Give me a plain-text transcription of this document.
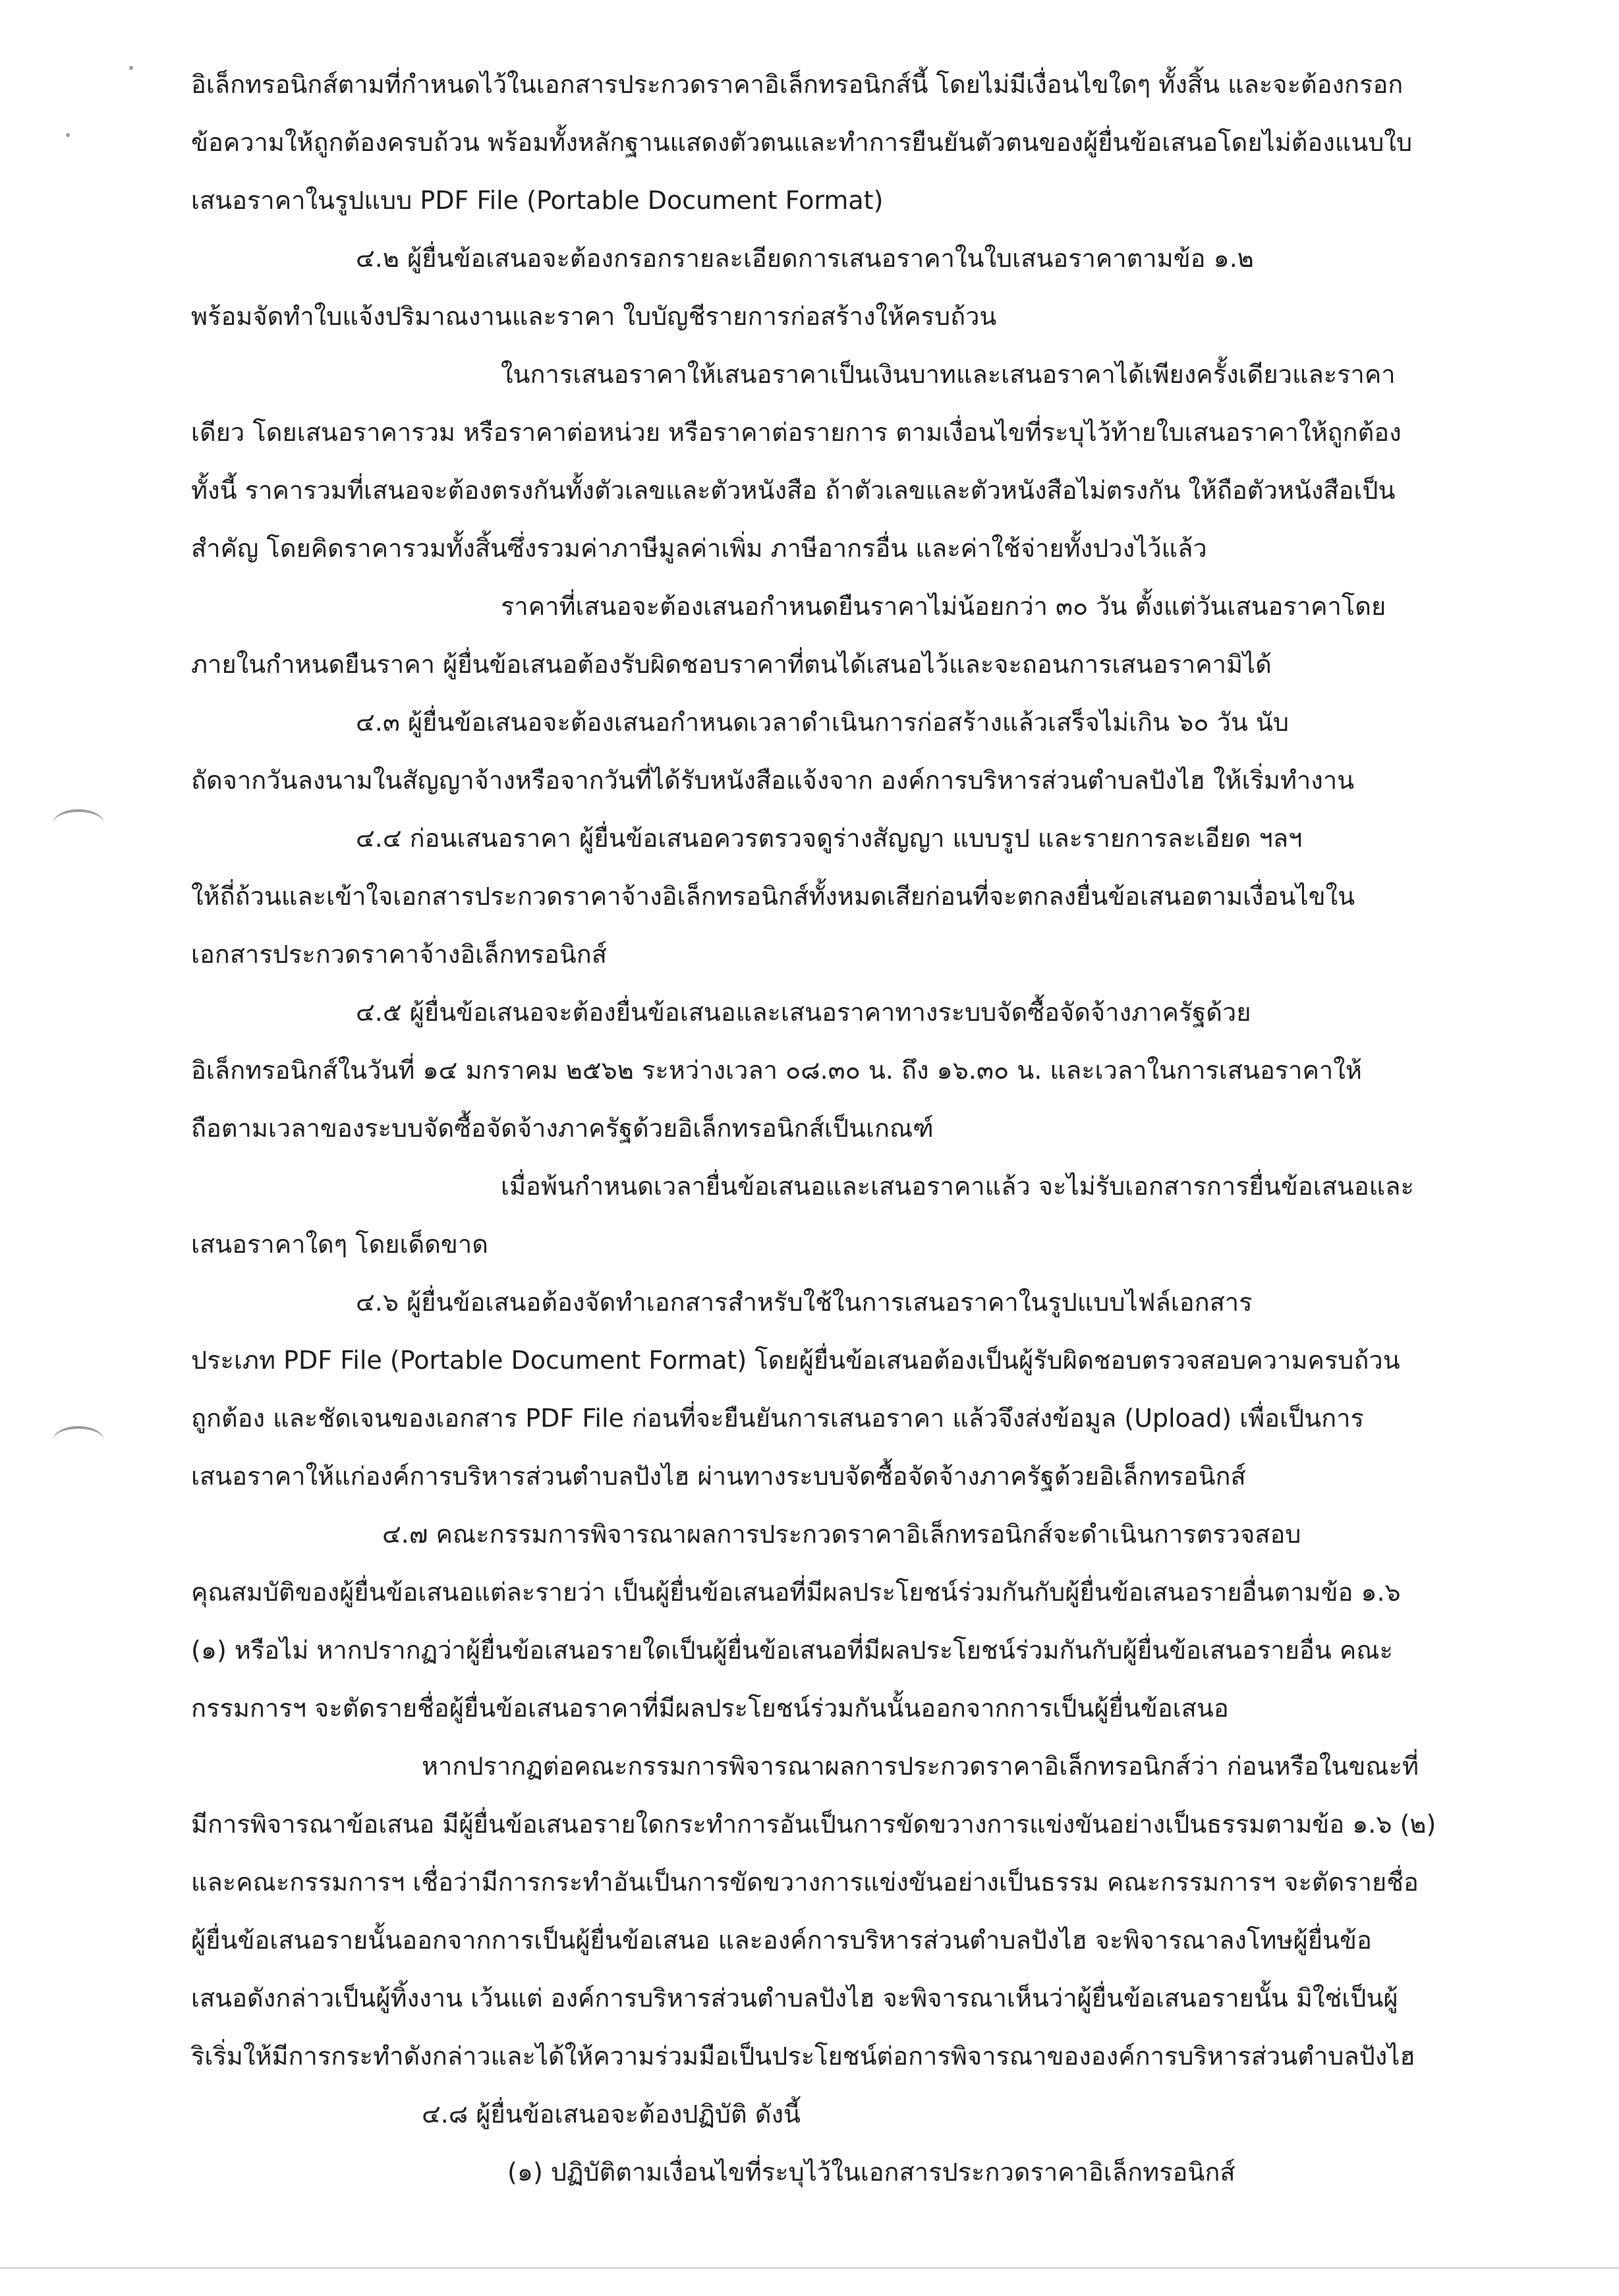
อิเล็กทรอนิกส์ตามที่กำหนดไว้ในเอกสารประกวดราคาอิเล็กทรอนิกส์นี้ โดยไม่มีเงื่อนไขใดๆ ทั้งสิ้น และจะต้องกรอก
ข้อความให้ถูกต้องครบถ้วน พร้อมทั้งหลักฐานแสดงตัวตนและทำการยืนยันตัวตนของผู้ยื่นข้อเสนอโดยไม่ต้องแนบใบ
เสนอราคาในรูปแบบ PDF File (Portable Document Format)
๔.๒ ผู้ยื่นข้อเสนอจะต้องกรอกรายละเอียดการเสนอราคาในใบเสนอราคาตามข้อ ๑.๒
พร้อมจัดทำใบแจ้งปริมาณงานและราคา ใบบัญชีรายการก่อสร้างให้ครบถ้วน
ในการเสนอราคาให้เสนอราคาเป็นเงินบาทและเสนอราคาได้เพียงครั้งเดียวและราคา
เดียว โดยเสนอราคารวม หรือราคาต่อหน่วย หรือราคาต่อรายการ ตามเงื่อนไขที่ระบุไว้ท้ายใบเสนอราคาให้ถูกต้อง
ทั้งนี้ ราคารวมที่เสนอจะต้องตรงกันทั้งตัวเลขและตัวหนังสือ ถ้าตัวเลขและตัวหนังสือไม่ตรงกัน ให้ถือตัวหนังสือเป็น
สำคัญ โดยคิดราคารวมทั้งสิ้นซึ่งรวมค่าภาษีมูลค่าเพิ่ม ภาษีอากรอื่น และค่าใช้จ่ายทั้งปวงไว้แล้ว
ราคาที่เสนอจะต้องเสนอกำหนดยืนราคาไม่น้อยกว่า ๓๐ วัน ตั้งแต่วันเสนอราคาโดย
ภายในกำหนดยืนราคา ผู้ยื่นข้อเสนอต้องรับผิดชอบราคาที่ตนได้เสนอไว้และจะถอนการเสนอราคามิได้
๔.๓ ผู้ยื่นข้อเสนอจะต้องเสนอกำหนดเวลาดำเนินการก่อสร้างแล้วเสร็จไม่เกิน ๖๐ วัน นับ
ถัดจากวันลงนามในสัญญาจ้างหรือจากวันที่ได้รับหนังสือแจ้งจาก องค์การบริหารส่วนตำบลปังไฮ ให้เริ่มทำงาน
๔.๔ ก่อนเสนอราคา ผู้ยื่นข้อเสนอควรตรวจดูร่างสัญญา แบบรูป และรายการละเอียด ฯลฯ
ให้ถี่ถ้วนและเข้าใจเอกสารประกวดราคาจ้างอิเล็กทรอนิกส์ทั้งหมดเสียก่อนที่จะตกลงยื่นข้อเสนอตามเงื่อนไขใน
เอกสารประกวดราคาจ้างอิเล็กทรอนิกส์
๔.๕ ผู้ยื่นข้อเสนอจะต้องยื่นข้อเสนอและเสนอราคาทางระบบจัดซื้อจัดจ้างภาครัฐด้วย
อิเล็กทรอนิกส์ในวันที่ ๑๔ มกราคม ๒๕๖๒ ระหว่างเวลา ๐๘.๓๐ น. ถึง ๑๖.๓๐ น. และเวลาในการเสนอราคาให้
ถือตามเวลาของระบบจัดซื้อจัดจ้างภาครัฐด้วยอิเล็กทรอนิกส์เป็นเกณฑ์
เมื่อพ้นกำหนดเวลายื่นข้อเสนอและเสนอราคาแล้ว จะไม่รับเอกสารการยื่นข้อเสนอและ
เสนอราคาใดๆ โดยเด็ดขาด
๔.๖ ผู้ยื่นข้อเสนอต้องจัดทำเอกสารสำหรับใช้ในการเสนอราคาในรูปแบบไฟล์เอกสาร
ประเภท PDF File (Portable Document Format) โดยผู้ยื่นข้อเสนอต้องเป็นผู้รับผิดชอบตรวจสอบความครบถ้วน
ถูกต้อง และชัดเจนของเอกสาร PDF File ก่อนที่จะยืนยันการเสนอราคา แล้วจึงส่งข้อมูล (Upload) เพื่อเป็นการ
เสนอราคาให้แก่องค์การบริหารส่วนตำบลปังไฮ ผ่านทางระบบจัดซื้อจัดจ้างภาครัฐด้วยอิเล็กทรอนิกส์
๔.๗ คณะกรรมการพิจารณาผลการประกวดราคาอิเล็กทรอนิกส์จะดำเนินการตรวจสอบ
คุณสมบัติของผู้ยื่นข้อเสนอแต่ละรายว่า เป็นผู้ยื่นข้อเสนอที่มีผลประโยชน์ร่วมกันกับผู้ยื่นข้อเสนอรายอื่นตามข้อ ๑.๖
(๑) หรือไม่ หากปรากฏว่าผู้ยื่นข้อเสนอรายใดเป็นผู้ยื่นข้อเสนอที่มีผลประโยชน์ร่วมกันกับผู้ยื่นข้อเสนอรายอื่น คณะ
กรรมการฯ จะตัดรายชื่อผู้ยื่นข้อเสนอราคาที่มีผลประโยชน์ร่วมกันนั้นออกจากการเป็นผู้ยื่นข้อเสนอ
หากปรากฏต่อคณะกรรมการพิจารณาผลการประกวดราคาอิเล็กทรอนิกส์ว่า ก่อนหรือในขณะที่
มีการพิจารณาข้อเสนอ มีผู้ยื่นข้อเสนอรายใดกระทำการอันเป็นการขัดขวางการแข่งขันอย่างเป็นธรรมตามข้อ ๑.๖ (๒)
และคณะกรรมการฯ เชื่อว่ามีการกระทำอันเป็นการขัดขวางการแข่งขันอย่างเป็นธรรม คณะกรรมการฯ จะตัดรายชื่อ
ผู้ยื่นข้อเสนอรายนั้นออกจากการเป็นผู้ยื่นข้อเสนอ และองค์การบริหารส่วนตำบลปังไฮ จะพิจารณาลงโทษผู้ยื่นข้อ
เสนอดังกล่าวเป็นผู้ทิ้งงาน เว้นแต่ องค์การบริหารส่วนตำบลปังไฮ จะพิจารณาเห็นว่าผู้ยื่นข้อเสนอรายนั้น มิใช่เป็นผู้
ริเริ่มให้มีการกระทำดังกล่าวและได้ให้ความร่วมมือเป็นประโยชน์ต่อการพิจารณาขององค์การบริหารส่วนตำบลปังไฮ
๔.๘ ผู้ยื่นข้อเสนอจะต้องปฏิบัติ ดังนี้
(๑) ปฏิบัติตามเงื่อนไขที่ระบุไว้ในเอกสารประกวดราคาอิเล็กทรอนิกส์
